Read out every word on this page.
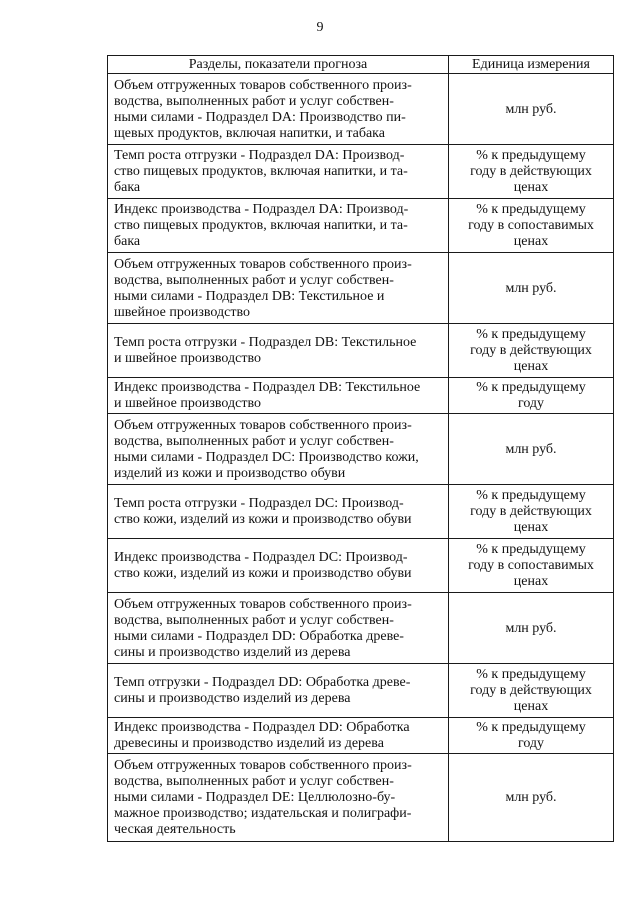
9
Разделы, показатели прогноза	Единица измерения

Объем отгруженных товаров собственного произ-
водства, выполненных работ и услуг собствен-
ными силами - Подраздел DA: Производство пи-
щевых продуктов, включая напитки, и табака	млн руб.

Темп роста отгрузки - Подраздел DA: Производ-
ство пищевых продуктов, включая напитки, и та-
бака	% к предыдущему
году в действующих
ценах

Индекс производства - Подраздел DA: Производ-
ство пищевых продуктов, включая напитки, и та-
бака	% к предыдущему
году в сопоставимых
ценах

Объем отгруженных товаров собственного произ-
водства, выполненных работ и услуг собствен-
ными силами - Подраздел DB: Текстильное и
швейное производство	млн руб.

Темп роста отгрузки - Подраздел DB: Текстильное
и швейное производство	% к предыдущему
году в действующих
ценах

Индекс производства - Подраздел DB: Текстильное
и швейное производство	% к предыдущему
году

Объем отгруженных товаров собственного произ-
водства, выполненных работ и услуг собствен-
ными силами - Подраздел DC: Производство кожи,
изделий из кожи и производство обуви	млн руб.

Темп роста отгрузки - Подраздел DC: Производ-
ство кожи, изделий из кожи и производство обуви	% к предыдущему
году в действующих
ценах

Индекс производства - Подраздел DC: Производ-
ство кожи, изделий из кожи и производство обуви	% к предыдущему
году в сопоставимых
ценах

Объем отгруженных товаров собственного произ-
водства, выполненных работ и услуг собствен-
ными силами - Подраздел DD: Обработка древе-
сины и производство изделий из дерева	млн руб.

Темп отгрузки - Подраздел DD: Обработка древе-
сины и производство изделий из дерева	% к предыдущему
году в действующих
ценах

Индекс производства - Подраздел DD: Обработка
древесины и производство изделий из дерева	% к предыдущему
году

Объем отгруженных товаров собственного произ-
водства, выполненных работ и услуг собствен-
ными силами - Подраздел DE: Целлюлозно-бу-
мажное производство; издательская и полиграфи-
ческая деятельность	млн руб.
